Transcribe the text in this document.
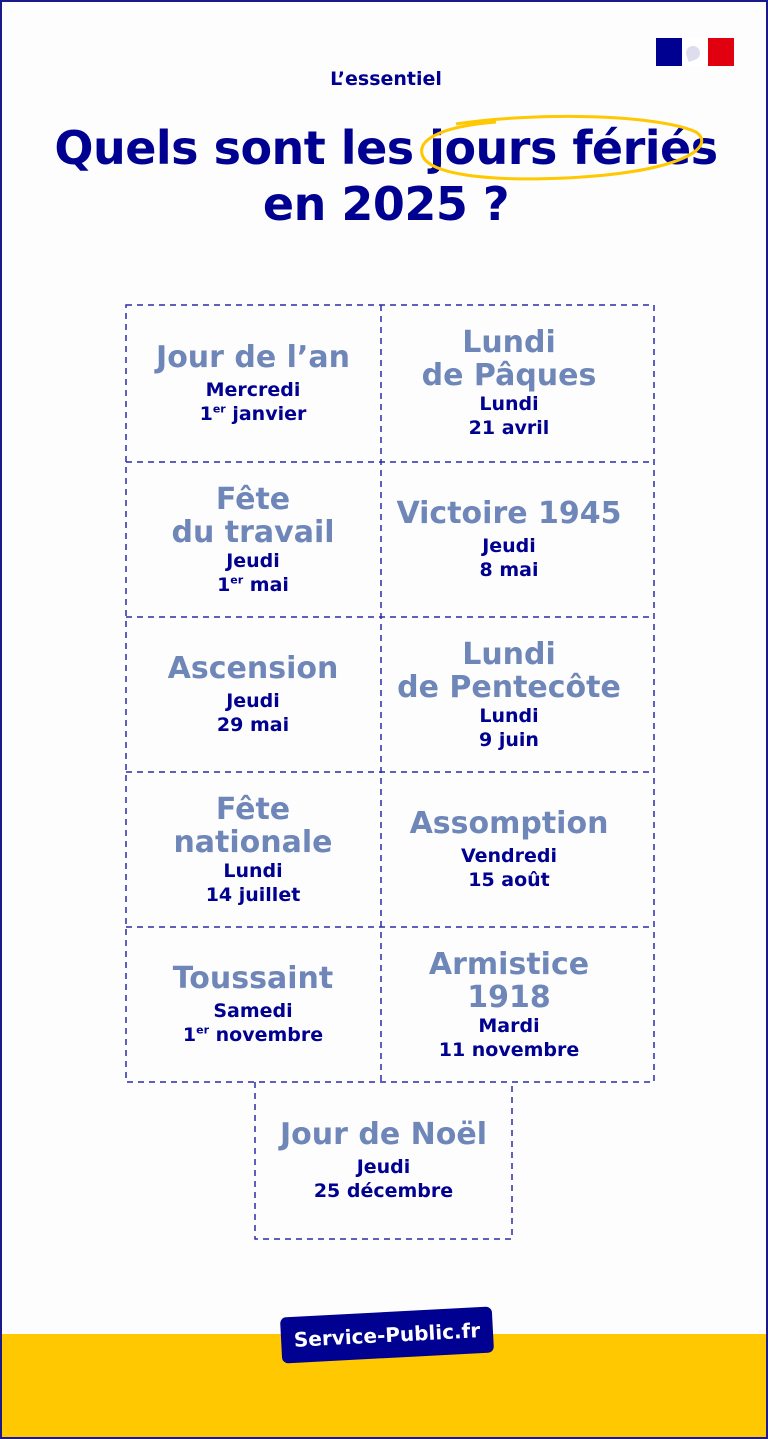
L’essentiel
Quels sont les jours fériés
en 2025 ?
Jour de l’an
Mercredi
1er janvier
Lundi
de Pâques
Lundi
21 avril
Fête
du travail
Jeudi
1er mai
Victoire 1945
Jeudi
8 mai
Ascension
Jeudi
29 mai
Lundi
de Pentecôte
Lundi
9 juin
Fête
nationale
Lundi
14 juillet
Assomption
Vendredi
15 août
Toussaint
Samedi
1er novembre
Armistice
1918
Mardi
11 novembre
Jour de Noël
Jeudi
25 décembre
Service-Public.fr
